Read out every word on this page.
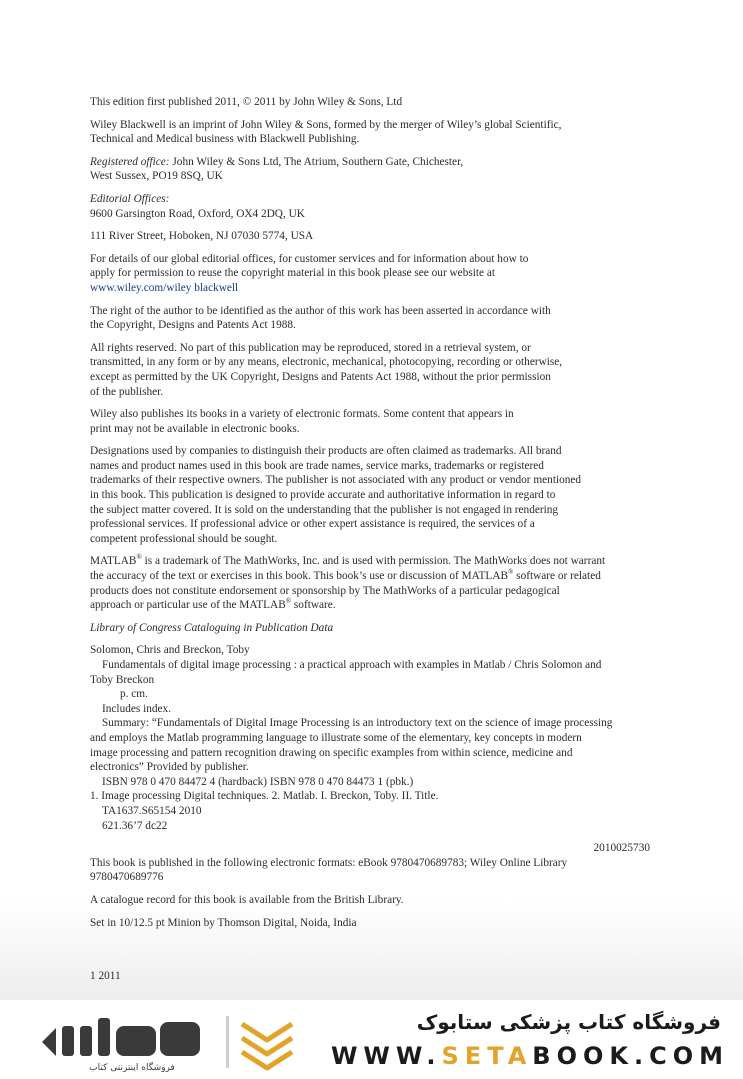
This edition first published 2011, © 2011 by John Wiley & Sons, Ltd

Wiley Blackwell is an imprint of John Wiley & Sons, formed by the merger of Wiley’s global Scientific,
Technical and Medical business with Blackwell Publishing.

Registered office: John Wiley & Sons Ltd, The Atrium, Southern Gate, Chichester,
West Sussex, PO19 8SQ, UK

Editorial Offices:
9600 Garsington Road, Oxford, OX4 2DQ, UK

111 River Street, Hoboken, NJ 07030 5774, USA

For details of our global editorial offices, for customer services and for information about how to
apply for permission to reuse the copyright material in this book please see our website at
www.wiley.com/wiley blackwell

The right of the author to be identified as the author of this work has been asserted in accordance with
the Copyright, Designs and Patents Act 1988.

All rights reserved. No part of this publication may be reproduced, stored in a retrieval system, or
transmitted, in any form or by any means, electronic, mechanical, photocopying, recording or otherwise,
except as permitted by the UK Copyright, Designs and Patents Act 1988, without the prior permission
of the publisher.

Wiley also publishes its books in a variety of electronic formats. Some content that appears in
print may not be available in electronic books.

Designations used by companies to distinguish their products are often claimed as trademarks. All brand
names and product names used in this book are trade names, service marks, trademarks or registered
trademarks of their respective owners. The publisher is not associated with any product or vendor mentioned
in this book. This publication is designed to provide accurate and authoritative information in regard to
the subject matter covered. It is sold on the understanding that the publisher is not engaged in rendering
professional services. If professional advice or other expert assistance is required, the services of a
competent professional should be sought.

MATLAB® is a trademark of The MathWorks, Inc. and is used with permission. The MathWorks does not warrant
the accuracy of the text or exercises in this book. This book’s use or discussion of MATLAB® software or related
products does not constitute endorsement or sponsorship by The MathWorks of a particular pedagogical
approach or particular use of the MATLAB® software.

Library of Congress Cataloguing in Publication Data

Solomon, Chris and Breckon, Toby
Fundamentals of digital image processing : a practical approach with examples in Matlab / Chris Solomon and
Toby Breckon
p. cm.
Includes index.
Summary: “Fundamentals of Digital Image Processing is an introductory text on the science of image processing
and employs the Matlab programming language to illustrate some of the elementary, key concepts in modern
image processing and pattern recognition drawing on specific examples from within science, medicine and
electronics” Provided by publisher.
ISBN 978 0 470 84472 4 (hardback) ISBN 978 0 470 84473 1 (pbk.)
1. Image processing Digital techniques. 2. Matlab. I. Breckon, Toby. II. Title.
TA1637.S65154 2010
621.36’7 dc22
2010025730

This book is published in the following electronic formats: eBook 9780470689783; Wiley Online Library
9780470689776

A catalogue record for this book is available from the British Library.

Set in 10/12.5 pt Minion by Thomson Digital, Noida, India

1 2011
فروشگاه اینترنتی کتاب
فروشگاه کتاب پزشکی ستابوک
WWW.SETABOOK.COM
